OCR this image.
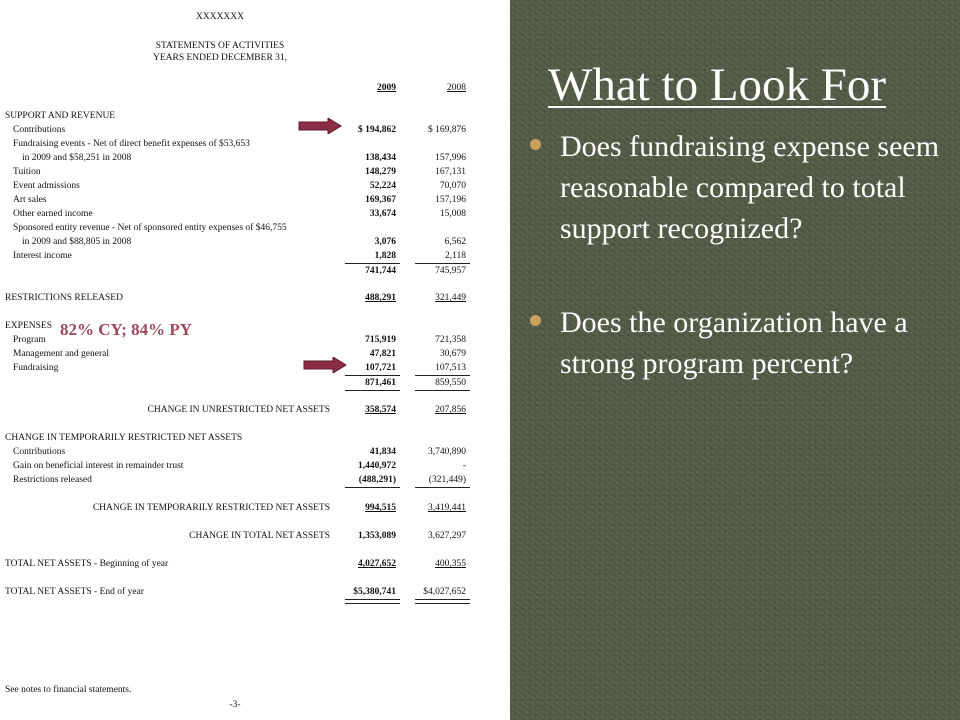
XXXXXXX
STATEMENTS OF ACTIVITIES
YEARS ENDED DECEMBER 31,
2009	2008
SUPPORT AND REVENUE
Contributions	$ 194,862	$ 169,876
Fundraising events - Net of direct benefit expenses of $53,653
in 2009 and $58,251 in 2008	138,434	157,996
Tuition	148,279	167,131
Event admissions	52,224	70,070
Art sales	169,367	157,196
Other earned income	33,674	15,008
Sponsored entity revenue - Net of sponsored entity expenses of $46,755
in 2009 and $88,805 in 2008	3,076	6,562
Interest income	1,828	2,118
741,744	745,957
RESTRICTIONS RELEASED	488,291	321,449
EXPENSES 82% CY; 84% PY
Program	715,919	721,358
Management and general	47,821	30,679
Fundraising	107,721	107,513
871,461	859,550
CHANGE IN UNRESTRICTED NET ASSETS	358,574	207,856
CHANGE IN TEMPORARILY RESTRICTED NET ASSETS
Contributions	41,834	3,740,890
Gain on beneficial interest in remainder trust	1,440,972	-
Restrictions released	(488,291)	(321,449)
CHANGE IN TEMPORARILY RESTRICTED NET ASSETS	994,515	3,419,441
CHANGE IN TOTAL NET ASSETS	1,353,089	3,627,297
TOTAL NET ASSETS - Beginning of year	4,027,652	400,355
TOTAL NET ASSETS - End of year	$5,380,741	$4,027,652
See notes to financial statements.
-3-
What to Look For
Does fundraising expense seem reasonable compared to total support recognized?
Does the organization have a strong program percent?
